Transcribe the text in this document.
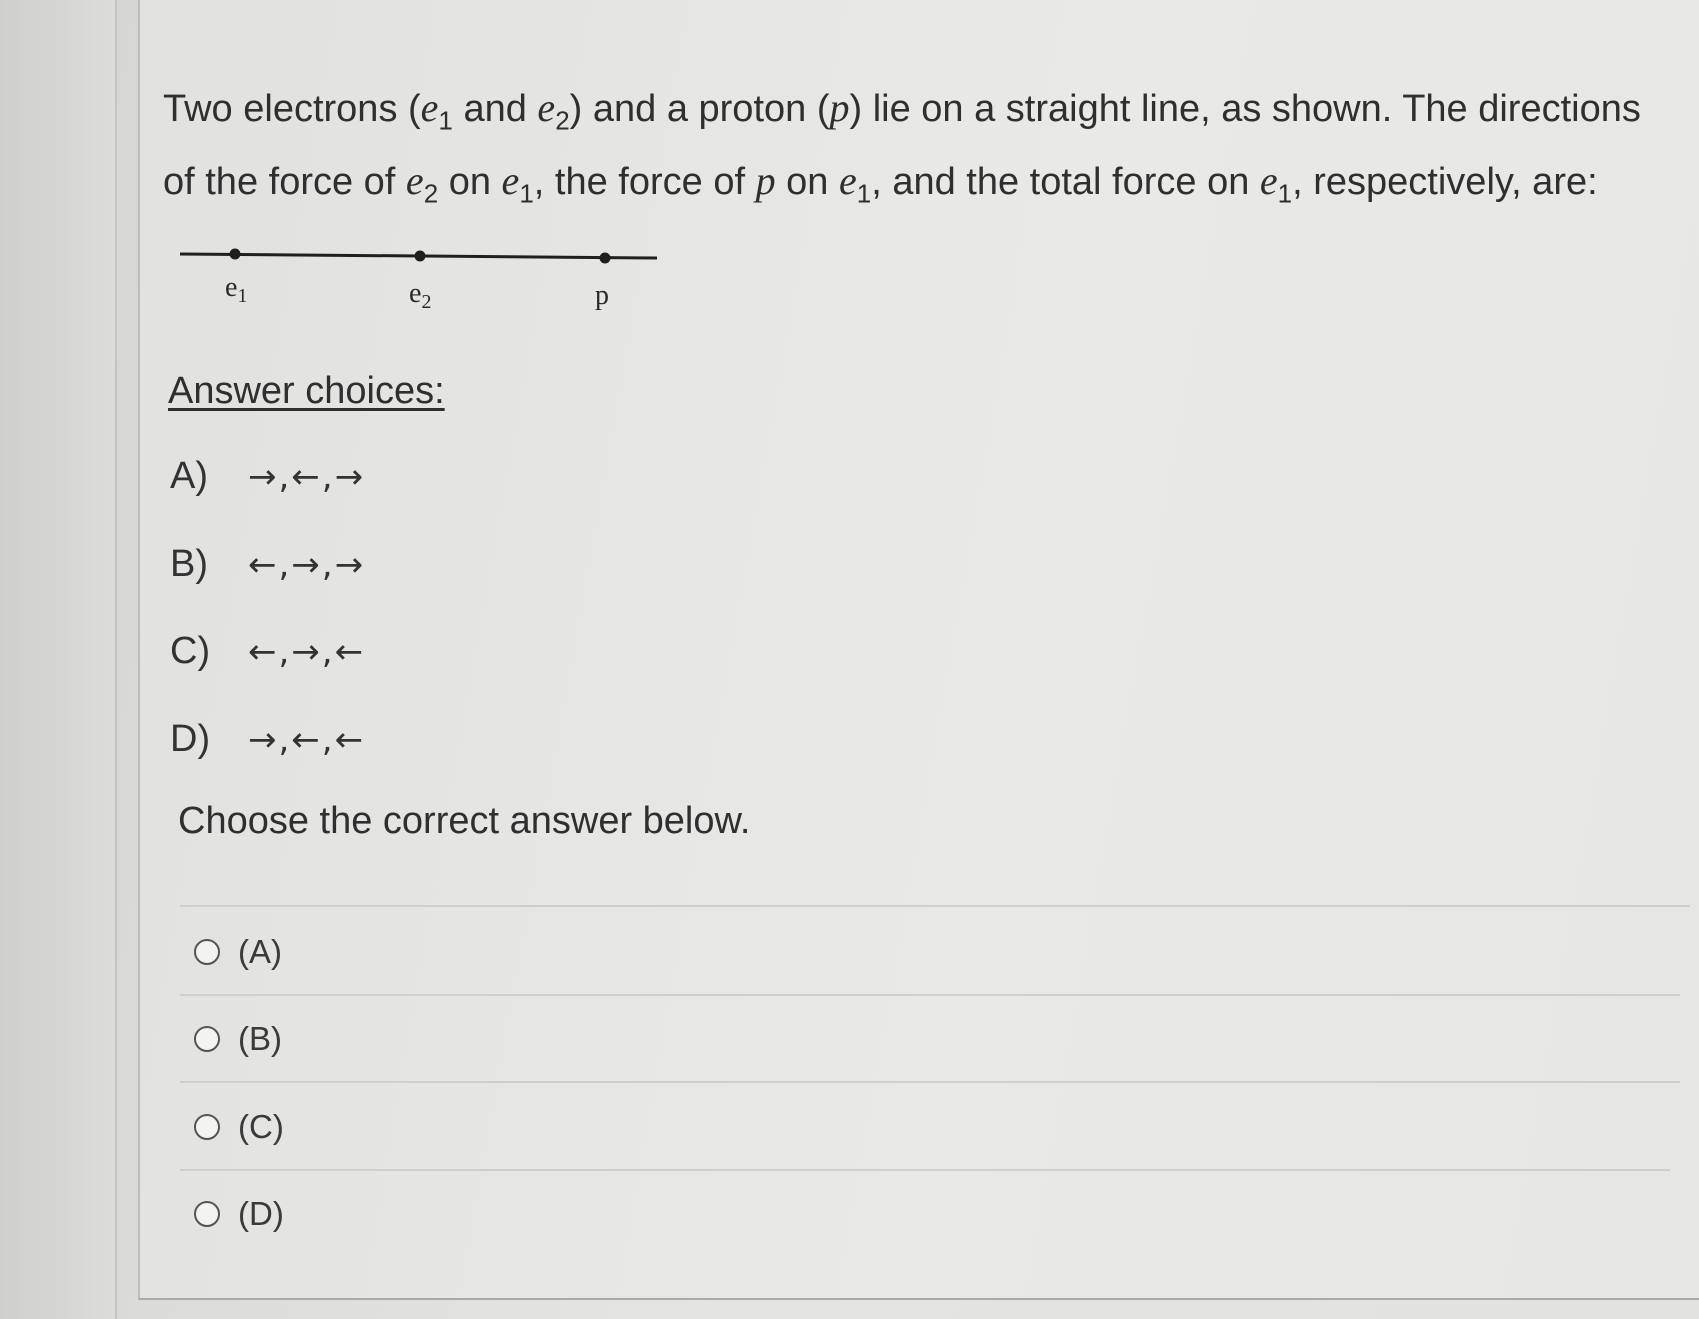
Two electrons ($e_1$ and $e_2$) and a proton (p) lie on a straight line, as shown. The directions of the force of $e_2$ on $e_1$, the force of p on $e_1$, and the total force on $e_1$, respectively, are:

$e_1$	$e_2$	p
Answer choices:
A)	→,←,→
B)	←,→,→
C)	←,→,←
D)	→,←,←

Choose the correct answer below.

(A)
(B)
(C)
(D)
